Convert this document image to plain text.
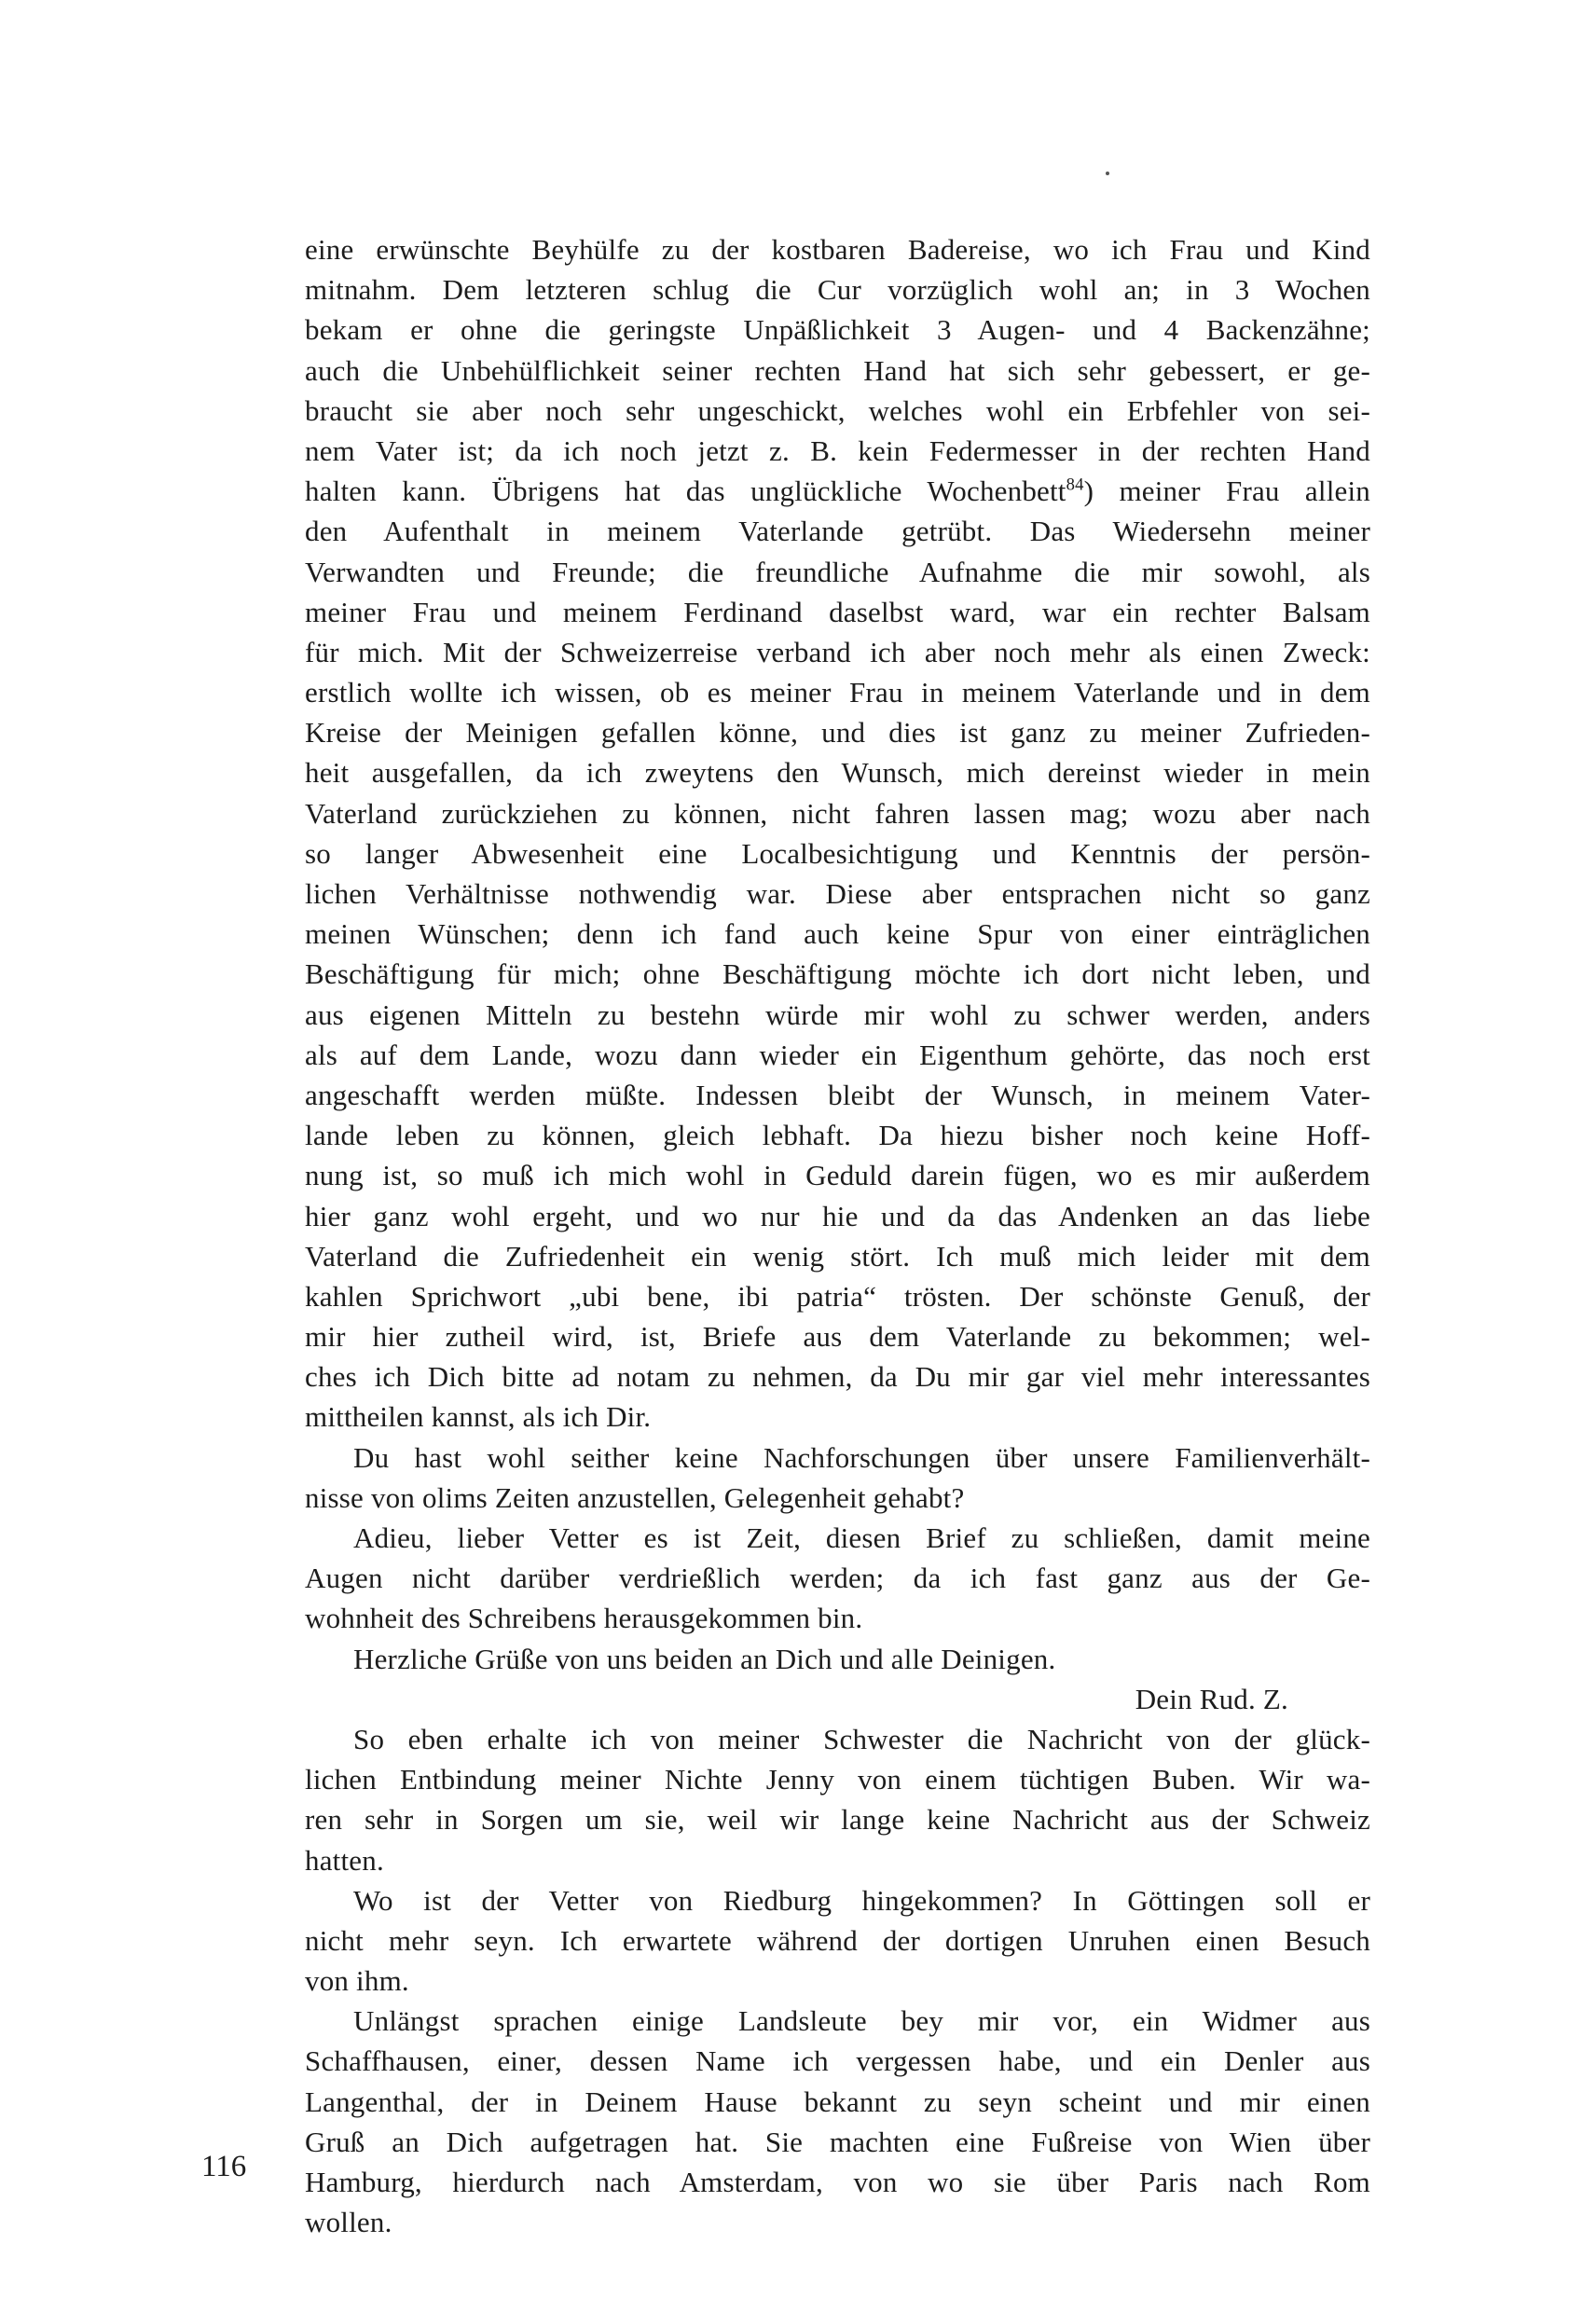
eine erwünschte Beyhülfe zu der kostbaren Badereise, wo ich Frau und Kind
mitnahm. Dem letzteren schlug die Cur vorzüglich wohl an; in 3 Wochen
bekam er ohne die geringste Unpäßlichkeit 3 Augen- und 4 Backenzähne;
auch die Unbehülflichkeit seiner rechten Hand hat sich sehr gebessert, er ge-
braucht sie aber noch sehr ungeschickt, welches wohl ein Erbfehler von sei-
nem Vater ist; da ich noch jetzt z. B. kein Federmesser in der rechten Hand
halten kann. Übrigens hat das unglückliche Wochenbett$^{84}$) meiner Frau allein
den Aufenthalt in meinem Vaterlande getrübt. Das Wiedersehn meiner
Verwandten und Freunde; die freundliche Aufnahme die mir sowohl, als
meiner Frau und meinem Ferdinand daselbst ward, war ein rechter Balsam
für mich. Mit der Schweizerreise verband ich aber noch mehr als einen Zweck:
erstlich wollte ich wissen, ob es meiner Frau in meinem Vaterlande und in dem
Kreise der Meinigen gefallen könne, und dies ist ganz zu meiner Zufrieden-
heit ausgefallen, da ich zweytens den Wunsch, mich dereinst wieder in mein
Vaterland zurückziehen zu können, nicht fahren lassen mag; wozu aber nach
so langer Abwesenheit eine Localbesichtigung und Kenntnis der persön-
lichen Verhältnisse nothwendig war. Diese aber entsprachen nicht so ganz
meinen Wünschen; denn ich fand auch keine Spur von einer einträglichen
Beschäftigung für mich; ohne Beschäftigung möchte ich dort nicht leben, und
aus eigenen Mitteln zu bestehn würde mir wohl zu schwer werden, anders
als auf dem Lande, wozu dann wieder ein Eigenthum gehörte, das noch erst
angeschafft werden müßte. Indessen bleibt der Wunsch, in meinem Vater-
lande leben zu können, gleich lebhaft. Da hiezu bisher noch keine Hoff-
nung ist, so muß ich mich wohl in Geduld darein fügen, wo es mir außerdem
hier ganz wohl ergeht, und wo nur hie und da das Andenken an das liebe
Vaterland die Zufriedenheit ein wenig stört. Ich muß mich leider mit dem
kahlen Sprichwort „ubi bene, ibi patria“ trösten. Der schönste Genuß, der
mir hier zutheil wird, ist, Briefe aus dem Vaterlande zu bekommen; wel-
ches ich Dich bitte ad notam zu nehmen, da Du mir gar viel mehr interessantes
mittheilen kannst, als ich Dir.
Du hast wohl seither keine Nachforschungen über unsere Familienverhält-
nisse von olims Zeiten anzustellen, Gelegenheit gehabt?
Adieu, lieber Vetter es ist Zeit, diesen Brief zu schließen, damit meine
Augen nicht darüber verdrießlich werden; da ich fast ganz aus der Ge-
wohnheit des Schreibens herausgekommen bin.
Herzliche Grüße von uns beiden an Dich und alle Deinigen.
Dein Rud. Z.
So eben erhalte ich von meiner Schwester die Nachricht von der glück-
lichen Entbindung meiner Nichte Jenny von einem tüchtigen Buben. Wir wa-
ren sehr in Sorgen um sie, weil wir lange keine Nachricht aus der Schweiz
hatten.
Wo ist der Vetter von Riedburg hingekommen? In Göttingen soll er
nicht mehr seyn. Ich erwartete während der dortigen Unruhen einen Besuch
von ihm.
Unlängst sprachen einige Landsleute bey mir vor, ein Widmer aus
Schaffhausen, einer, dessen Name ich vergessen habe, und ein Denler aus
Langenthal, der in Deinem Hause bekannt zu seyn scheint und mir einen
Gruß an Dich aufgetragen hat. Sie machten eine Fußreise von Wien über
Hamburg, hierdurch nach Amsterdam, von wo sie über Paris nach Rom
wollen.
116
